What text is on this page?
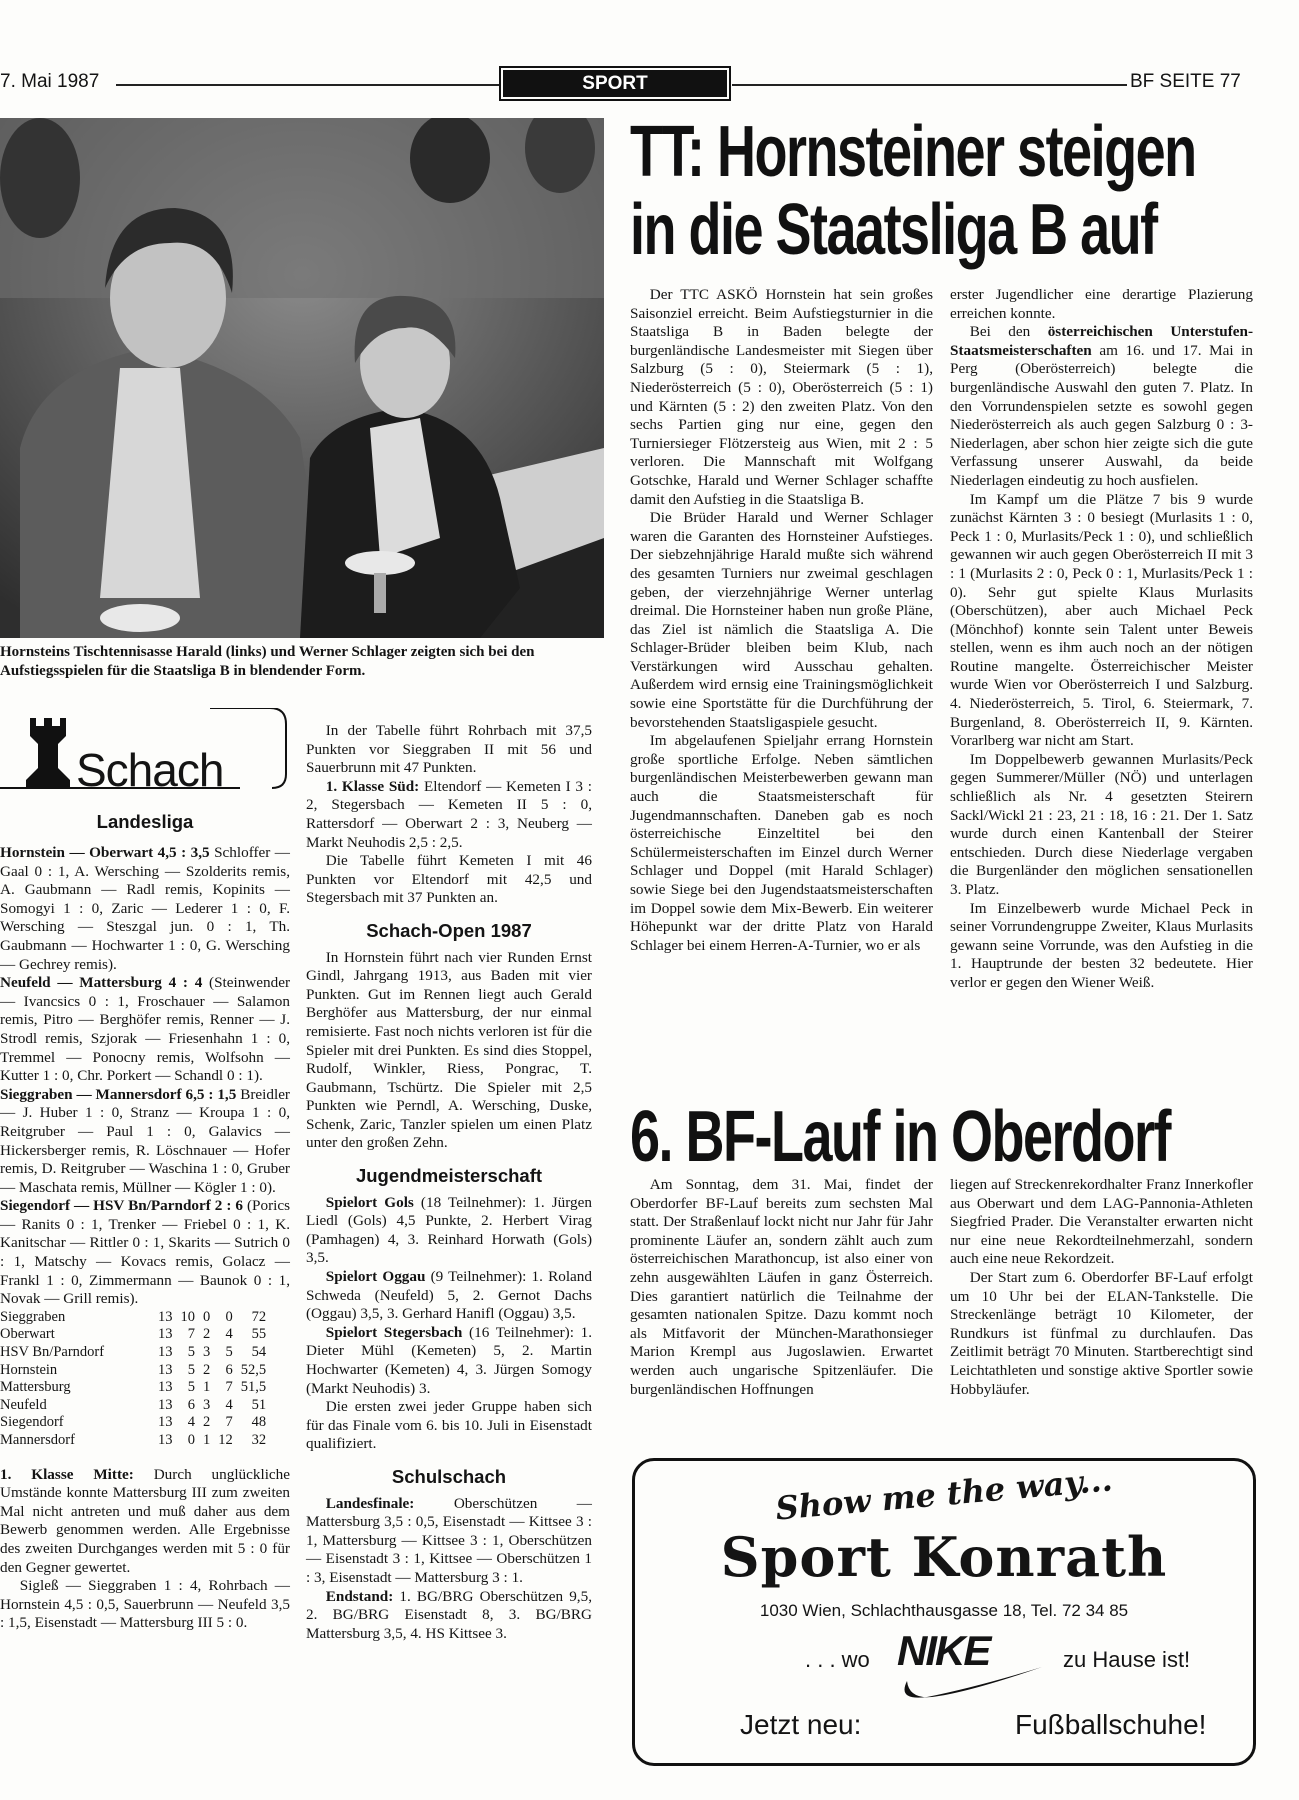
7. Mai 1987	SPORT	BF SEITE 77
Hornsteins Tischtennisasse Harald (links) und Werner Schlager zeigten sich bei den Aufstiegsspielen für die Staatsliga B in blendender Form.
TT: Hornsteiner steigen
in die Staatsliga B auf

Der TTC ASKÖ Hornstein hat sein großes Saisonziel erreicht. Beim Aufstiegsturnier in die Staatsliga B in Baden belegte der burgenländische Landesmeister mit Siegen über Salzburg (5 : 0), Steiermark (5 : 1), Niederösterreich (5 : 0), Oberösterreich (5 : 1) und Kärnten (5 : 2) den zweiten Platz. Von den sechs Partien ging nur eine, gegen den Turniersieger Flötzersteig aus Wien, mit 2 : 5 verloren. Die Mannschaft mit Wolfgang Gotschke, Harald und Werner Schlager schaffte damit den Aufstieg in die Staatsliga B.

Die Brüder Harald und Werner Schlager waren die Garanten des Hornsteiner Aufstieges. Der siebzehnjährige Harald mußte sich während des gesamten Turniers nur zweimal geschlagen geben, der vierzehnjährige Werner unterlag dreimal. Die Hornsteiner haben nun große Pläne, das Ziel ist nämlich die Staatsliga A. Die Schlager-Brüder bleiben beim Klub, nach Verstärkungen wird Ausschau gehalten. Außerdem wird ernsig eine Trainingsmöglichkeit sowie eine Sportstätte für die Durchführung der bevorstehenden Staatsligaspiele gesucht.

Im abgelaufenen Spieljahr errang Hornstein große sportliche Erfolge. Neben sämtlichen burgenländischen Meisterbewerben gewann man auch die Staatsmeisterschaft für Jugendmannschaften. Daneben gab es noch österreichische Einzeltitel bei den Schülermeisterschaften im Einzel durch Werner Schlager und Doppel (mit Harald Schlager) sowie Siege bei den Jugendstaatsmeisterschaften im Doppel sowie dem Mix-Bewerb. Ein weiterer Höhepunkt war der dritte Platz von Harald Schlager bei einem Herren-A-Turnier, wo er als

erster Jugendlicher eine derartige Plazierung erreichen konnte.

Bei den österreichischen Unterstufen-Staatsmeisterschaften am 16. und 17. Mai in Perg (Oberösterreich) belegte die burgenländische Auswahl den guten 7. Platz. In den Vorrundenspielen setzte es sowohl gegen Niederösterreich als auch gegen Salzburg 0 : 3-Niederlagen, aber schon hier zeigte sich die gute Verfassung unserer Auswahl, da beide Niederlagen eindeutig zu hoch ausfielen.

Im Kampf um die Plätze 7 bis 9 wurde zunächst Kärnten 3 : 0 besiegt (Murlasits 1 : 0, Peck 1 : 0, Murlasits/Peck 1 : 0), und schließlich gewannen wir auch gegen Oberösterreich II mit 3 : 1 (Murlasits 2 : 0, Peck 0 : 1, Murlasits/Peck 1 : 0). Sehr gut spielte Klaus Murlasits (Oberschützen), aber auch Michael Peck (Mönchhof) konnte sein Talent unter Beweis stellen, wenn es ihm auch noch an der nötigen Routine mangelte. Österreichischer Meister wurde Wien vor Oberösterreich I und Salzburg. 4. Niederösterreich, 5. Tirol, 6. Steiermark, 7. Burgenland, 8. Oberösterreich II, 9. Kärnten. Vorarlberg war nicht am Start.

Im Doppelbewerb gewannen Murlasits/Peck gegen Summerer/Müller (NÖ) und unterlagen schließlich als Nr. 4 gesetzten Steirern Sackl/Wickl 21 : 23, 21 : 18, 16 : 21. Der 1. Satz wurde durch einen Kantenball der Steirer entschieden. Durch diese Niederlage vergaben die Burgenländer den möglichen sensationellen 3. Platz.

Im Einzelbewerb wurde Michael Peck in seiner Vorrundengruppe Zweiter, Klaus Murlasits gewann seine Vorrunde, was den Aufstieg in die 1. Hauptrunde der besten 32 bedeutete. Hier verlor er gegen den Wiener Weiß.

6. BF-Lauf in Oberdorf

Am Sonntag, dem 31. Mai, findet der Oberdorfer BF-Lauf bereits zum sechsten Mal statt. Der Straßenlauf lockt nicht nur Jahr für Jahr prominente Läufer an, sondern zählt auch zum österreichischen Marathoncup, ist also einer von zehn ausgewählten Läufen in ganz Österreich. Dies garantiert natürlich die Teilnahme der gesamten nationalen Spitze. Dazu kommt noch als Mitfavorit der München-Marathonsieger Marion Krempl aus Jugoslawien. Erwartet werden auch ungarische Spitzenläufer. Die burgenländischen Hoffnungen

liegen auf Streckenrekordhalter Franz Innerkofler aus Oberwart und dem LAG-Pannonia-Athleten Siegfried Prader. Die Veranstalter erwarten nicht nur eine neue Rekordteilnehmerzahl, sondern auch eine neue Rekordzeit.

Der Start zum 6. Oberdorfer BF-Lauf erfolgt um 10 Uhr bei der ELAN-Tankstelle. Die Streckenlänge beträgt 10 Kilometer, der Rundkurs ist fünfmal zu durchlaufen. Das Zeitlimit beträgt 70 Minuten. Startberechtigt sind Leichtathleten und sonstige aktive Sportler sowie Hobbyläufer.

Show me the way...
Sport Konrath
1030 Wien, Schlachthausgasse 18, Tel. 72 34 85
. . . wo NIKE	zu Hause ist!
Jetzt neu:	Fußballschuhe!
Schach
Landesliga

Hornstein — Oberwart 4,5 : 3,5 Schloffer — Gaal 0 : 1, A. Wersching — Szolderits remis, A. Gaubmann — Radl remis, Kopinits — Somogyi 1 : 0, Zaric — Lederer 1 : 0, F. Wersching — Steszgal jun. 0 : 1, Th. Gaubmann — Hochwarter 1 : 0, G. Wersching — Gechrey remis).

Neufeld — Mattersburg 4 : 4 (Steinwender — Ivancsics 0 : 1, Froschauer — Salamon remis, Pitro — Berghöfer remis, Renner — J. Strodl remis, Szjorak — Friesenhahn 1 : 0, Tremmel — Ponocny remis, Wolfsohn — Kutter 1 : 0, Chr. Porkert — Schandl 0 : 1).

Sieggraben — Mannersdorf 6,5 : 1,5 Breidler — J. Huber 1 : 0, Stranz — Kroupa 1 : 0, Reitgruber — Paul 1 : 0, Galavics — Hickersberger remis, R. Löschnauer — Hofer remis, D. Reitgruber — Waschina 1 : 0, Gruber — Maschata remis, Müllner — Kögler 1 : 0).

Siegendorf — HSV Bn/Parndorf 2 : 6 (Porics — Ranits 0 : 1, Trenker — Friebel 0 : 1, K. Kanitschar — Rittler 0 : 1, Skarits — Sutrich 0 : 1, Matschy — Kovacs remis, Golacz — Frankl 1 : 0, Zimmermann — Baunok 0 : 1, Novak — Grill remis).

Sieggraben	13	10	0	0	72
Oberwart	13	7	2	4	55
HSV Bn/Parndorf	13	5	3	5	54
Hornstein	13	5	2	6	52,5
Mattersburg	13	5	1	7	51,5
Neufeld	13	6	3	4	51
Siegendorf	13	4	2	7	48
Mannersdorf	13	0	1	12	32

1. Klasse Mitte: Durch unglückliche Umstände konnte Mattersburg III zum zweiten Mal nicht antreten und muß daher aus dem Bewerb genommen werden. Alle Ergebnisse des zweiten Durchganges werden mit 5 : 0 für den Gegner gewertet.

Sigleß — Sieggraben 1 : 4, Rohrbach — Hornstein 4,5 : 0,5, Sauerbrunn — Neufeld 3,5 : 1,5, Eisenstadt — Mattersburg III 5 : 0.

In der Tabelle führt Rohrbach mit 37,5 Punkten vor Sieggraben II mit 56 und Sauerbrunn mit 47 Punkten.

1. Klasse Süd: Eltendorf — Kemeten I 3 : 2, Stegersbach — Kemeten II 5 : 0, Rattersdorf — Oberwart 2 : 3, Neuberg — Markt Neuhodis 2,5 : 2,5.

Die Tabelle führt Kemeten I mit 46 Punkten vor Eltendorf mit 42,5 und Stegersbach mit 37 Punkten an.

Schach-Open 1987

In Hornstein führt nach vier Runden Ernst Gindl, Jahrgang 1913, aus Baden mit vier Punkten. Gut im Rennen liegt auch Gerald Berghöfer aus Mattersburg, der nur einmal remisierte. Fast noch nichts verloren ist für die Spieler mit drei Punkten. Es sind dies Stoppel, Rudolf, Winkler, Riess, Pongrac, T. Gaubmann, Tschürtz. Die Spieler mit 2,5 Punkten wie Perndl, A. Wersching, Duske, Schenk, Zaric, Tanzler spielen um einen Platz unter den großen Zehn.

Jugendmeisterschaft

Spielort Gols (18 Teilnehmer): 1. Jürgen Liedl (Gols) 4,5 Punkte, 2. Herbert Virag (Pamhagen) 4, 3. Reinhard Horwath (Gols) 3,5.

Spielort Oggau (9 Teilnehmer): 1. Roland Schweda (Neufeld) 5, 2. Gernot Dachs (Oggau) 3,5, 3. Gerhard Hanifl (Oggau) 3,5.

Spielort Stegersbach (16 Teilnehmer): 1. Dieter Mühl (Kemeten) 5, 2. Martin Hochwarter (Kemeten) 4, 3. Jürgen Somogy (Markt Neuhodis) 3.

Die ersten zwei jeder Gruppe haben sich für das Finale vom 6. bis 10. Juli in Eisenstadt qualifiziert.

Schulschach

Landesfinale: Oberschützen — Mattersburg 3,5 : 0,5, Eisenstadt — Kittsee 3 : 1, Mattersburg — Kittsee 3 : 1, Oberschützen — Eisenstadt 3 : 1, Kittsee — Oberschützen 1 : 3, Eisenstadt — Mattersburg 3 : 1.

Endstand: 1. BG/BRG Oberschützen 9,5, 2. BG/BRG Eisenstadt 8, 3. BG/BRG Mattersburg 3,5, 4. HS Kittsee 3.
